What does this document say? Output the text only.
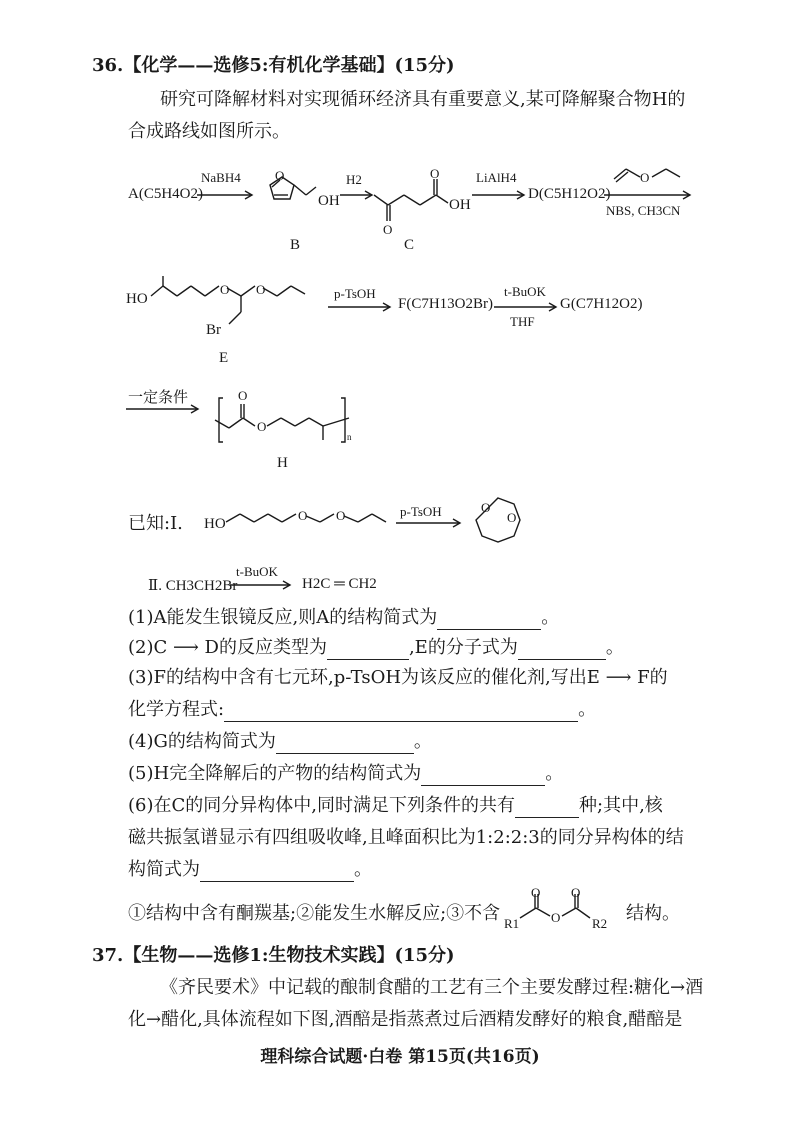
36.【化学——选修5:有机化学基础】(15分)
研究可降解材料对实现循环经济具有重要意义,某可降解聚合物H的
合成路线如图所示。
A(C5H4O2)
NaBH4	O
OH
B
H2
O
O
OH
C
LiAlH4
D(C5H12O2)
O
NBS, CH3CN
HO
O O
Br
E
p-TsOH
F(C7H13O2Br)
t-BuOK
THF
G(C7H12O2)
一定条件	O
O
n
H
已知:Ⅰ. HO
O O	p-TsOH	O
O
Ⅱ. CH3CH2Br
t-BuOK
H2C ═ CH2
(1)A能发生银镜反应,则A的结构简式为	。
(2)C ⟶ D的反应类型为	,E的分子式为	。
(3)F的结构中含有七元环,p-TsOH为该反应的催化剂,写出E ⟶ F的
化学方程式:	。
(4)G的结构简式为	。
(5)H完全降解后的产物的结构简式为	。
(6)在C的同分异构体中,同时满足下列条件的共有	种;其中,核
磁共振氢谱显示有四组吸收峰,且峰面积比为1:2:2:3的同分异构体的结
构简式为	。
①结构中含有酮羰基;②能发生水解反应;③不含
O O
O
R1	R2 结构。
37.【生物——选修1:生物技术实践】(15分)
《齐民要术》中记载的酿制食醋的工艺有三个主要发酵过程:糖化→酒
化→醋化,具体流程如下图,酒醅是指蒸煮过后酒精发酵好的粮食,醋醅是
理科综合试题·白卷 第15页(共16页)
